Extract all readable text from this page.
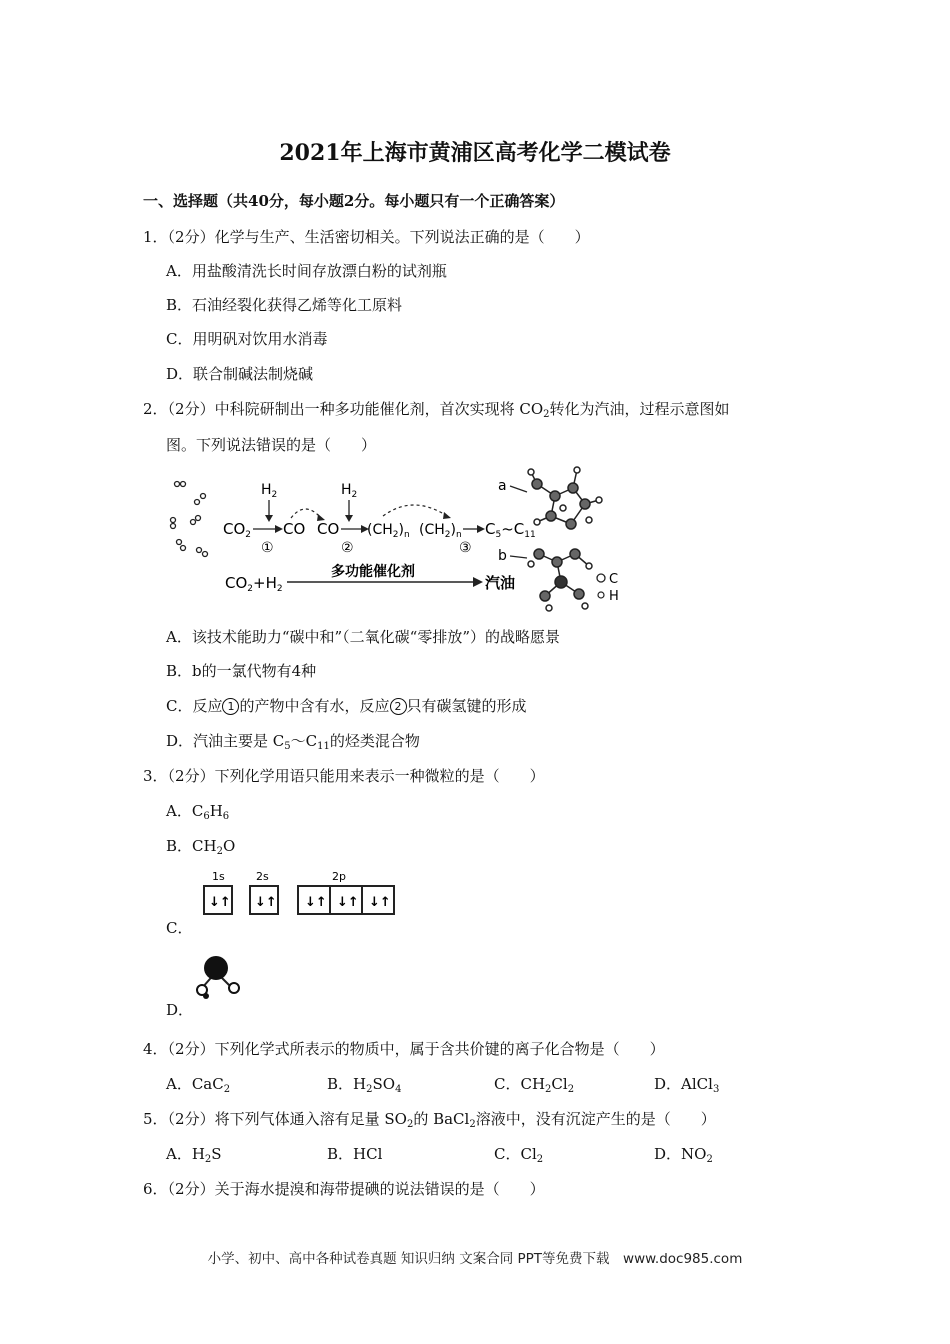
2021年上海市黄浦区高考化学二模试卷
一、选择题（共40分，每小题2分。每小题只有一个正确答案）
1．（2分）化学与生产、生活密切相关。下列说法正确的是（　　）
A．用盐酸清洗长时间存放漂白粉的试剂瓶
B．石油经裂化获得乙烯等化工原料
C．用明矾对饮用水消毒
D．联合制碱法制烧碱
2．（2分）中科院研制出一种多功能催化剂，首次实现将 $CO_2$转化为汽油，过程示意图如
图。下列说法错误的是（　　）
$H_2$
$CO_2$ CO
①
CO
$H_2$
②
$(CH_2)_n$ $(CH_2)_n$
③
$C_5\sim C_{11}$
a
b
C
H
$CO_2+H_2$
多功能催化剂
汽油
A．该技术能助力“碳中和”（二氧化碳“零排放”）的战略愿景
B．b的一氯代物有4种
C．反应 1 的产物中含有水，反应 2 只有碳氢键的形成
D．汽油主要是 $C_5\sim C_{11}$的烃类混合物
3．（2分）下列化学用语只能用来表示一种微粒的是（　　）
A．$C_6H_6$
B．$CH_2O$
1s	2s	2p
↓↑ ↓↑ ↓↑ ↓↑ ↓↑
C．
D．
4．（2分）下列化学式所表示的物质中，属于含共价键的离子化合物是（　　）
A．CaC$_2$	B．$H_2SO_4$	C．$CH_2Cl_2$	D．AlCl$_3$
5．（2分）将下列气体通入溶有足量 $SO_2$的 BaCl$_2$溶液中，没有沉淀产生的是（　　）
A．$H_2S$	B．HCl	C．$Cl_2$	D．$NO_2$
6．（2分）关于海水提溴和海带提碘的说法错误的是（　　）
小学、初中、高中各种试卷真题 知识归纳 文案合同 PPT等免费下载　www.doc985.com
